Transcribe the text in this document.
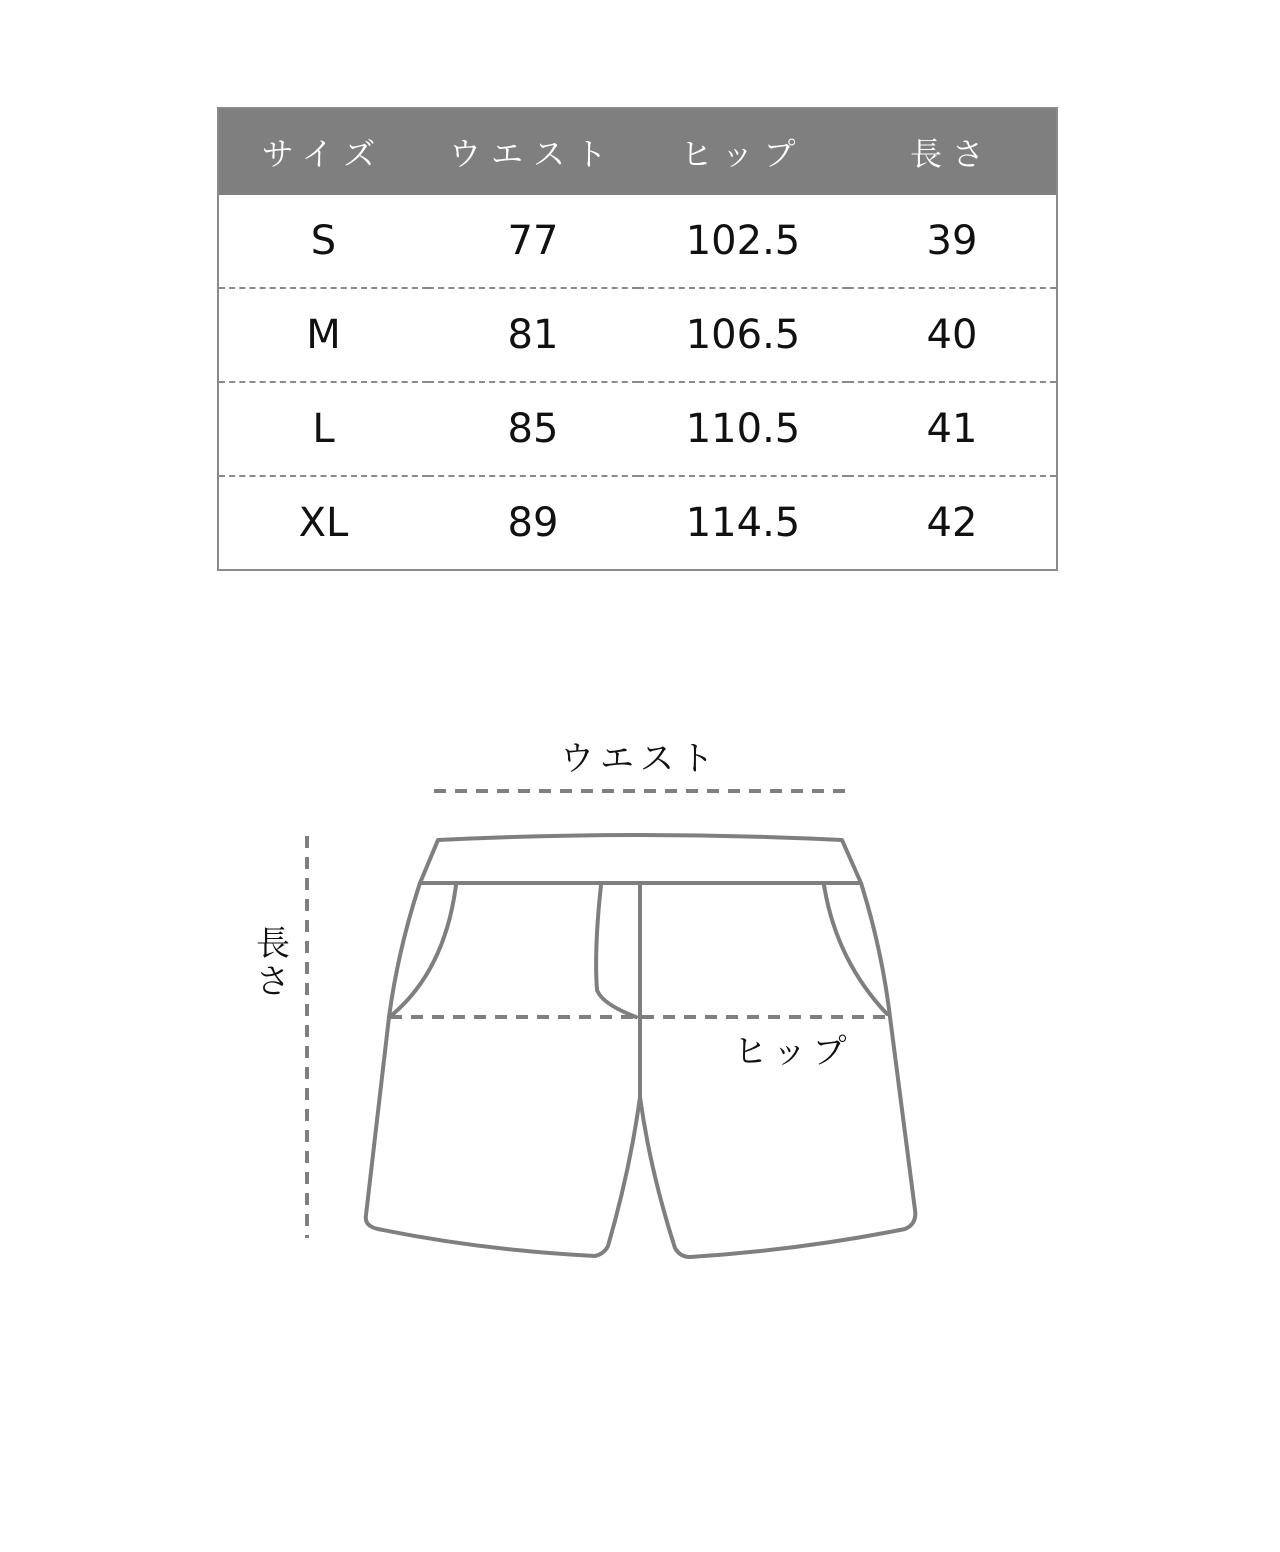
サイズ	ウエスト	ヒップ	長さ
S	77	102.5	39
M	81	106.5	40
L	85	110.5	41
XL	89	114.5	42
ウエスト
長
さ
ヒップ
